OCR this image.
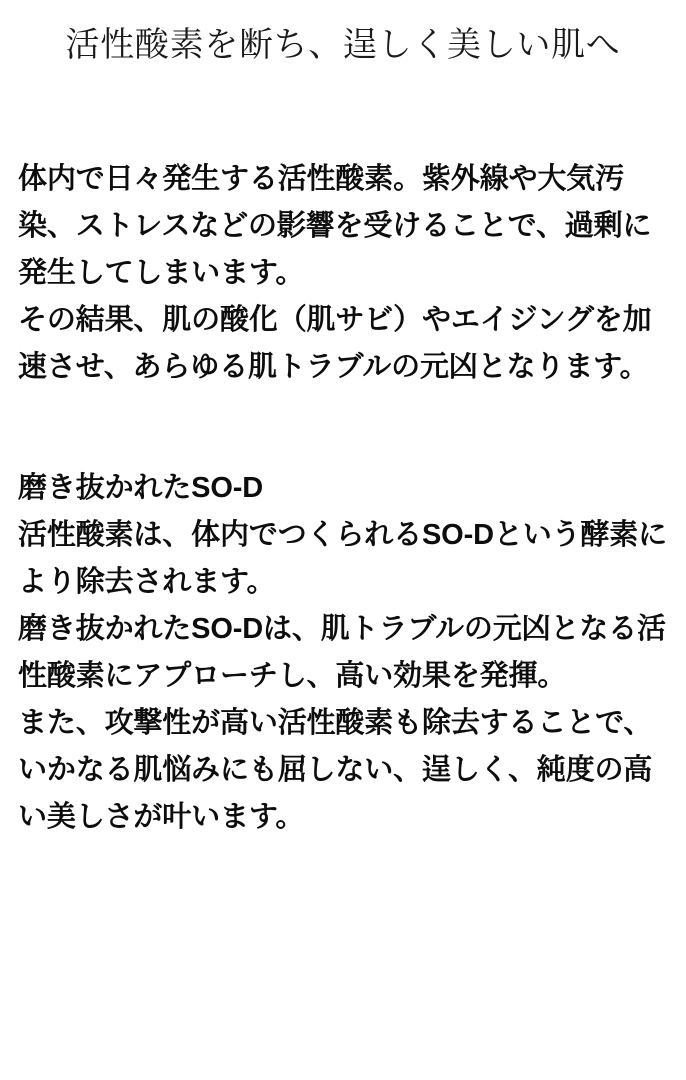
活性酸素を断ち、逞しく美しい肌へ

体内で日々発生する活性酸素。紫外線や大気汚染、ストレスなどの影響を受けることで、過剰に発生してしまいます。

その結果、肌の酸化（肌サビ）やエイジングを加速させ、あらゆる肌トラブルの元凶となります。

磨き抜かれたSO-D

活性酸素は、体内でつくられるSO-Dという酵素により除去されます。

磨き抜かれたSO-Dは、肌トラブルの元凶となる活性酸素にアプローチし、高い効果を発揮。

また、攻撃性が高い活性酸素も除去することで、いかなる肌悩みにも屈しない、逞しく、純度の高い美しさが叶います。
